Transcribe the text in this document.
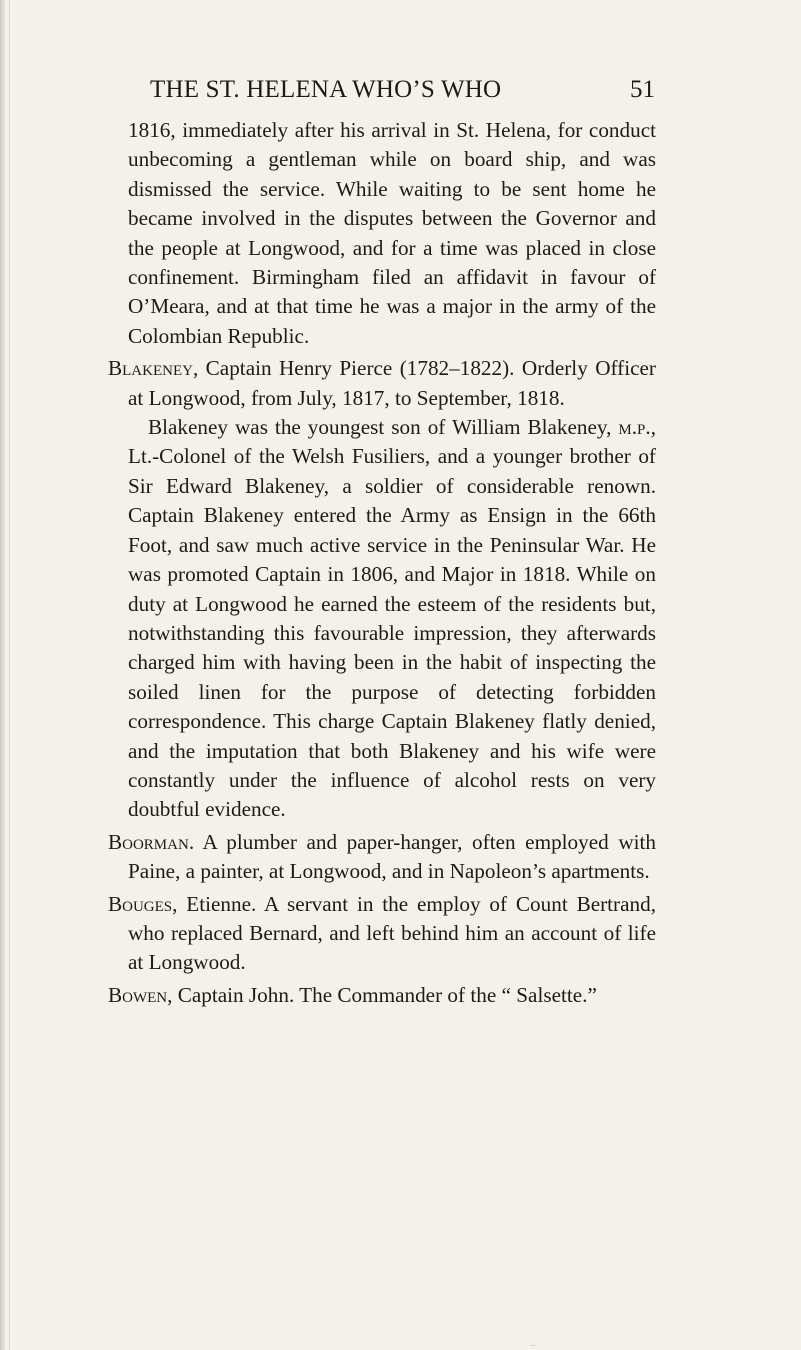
THE ST. HELENA WHO’S WHO	51

1816, immediately after his arrival in St. Helena, for conduct unbecoming a gentleman while on board ship, and was dismissed the service. While waiting to be sent home he became involved in the disputes between the Governor and the people at Longwood, and for a time was placed in close confinement. Birmingham filed an affidavit in favour of O’Meara, and at that time he was a major in the army of the Colombian Republic.

Blakeney, Captain Henry Pierce (1782–1822). Orderly Officer at Longwood, from July, 1817, to September, 1818.

Blakeney was the youngest son of William Blakeney, m.p., Lt.-Colonel of the Welsh Fusiliers, and a younger brother of Sir Edward Blakeney, a soldier of considerable renown. Captain Blakeney entered the Army as Ensign in the 66th Foot, and saw much active service in the Peninsular War. He was promoted Captain in 1806, and Major in 1818. While on duty at Longwood he earned the esteem of the residents but, notwithstanding this favourable impression, they afterwards charged him with having been in the habit of inspecting the soiled linen for the purpose of detecting forbidden correspondence. This charge Captain Blakeney flatly denied, and the imputation that both Blakeney and his wife were constantly under the influence of alcohol rests on very doubtful evidence.

Boorman. A plumber and paper-hanger, often employed with Paine, a painter, at Longwood, and in Napoleon’s apartments.

Bouges, Etienne. A servant in the employ of Count Bertrand, who replaced Bernard, and left behind him an account of life at Longwood.

Bowen, Captain John. The Commander of the “ Salsette.”
